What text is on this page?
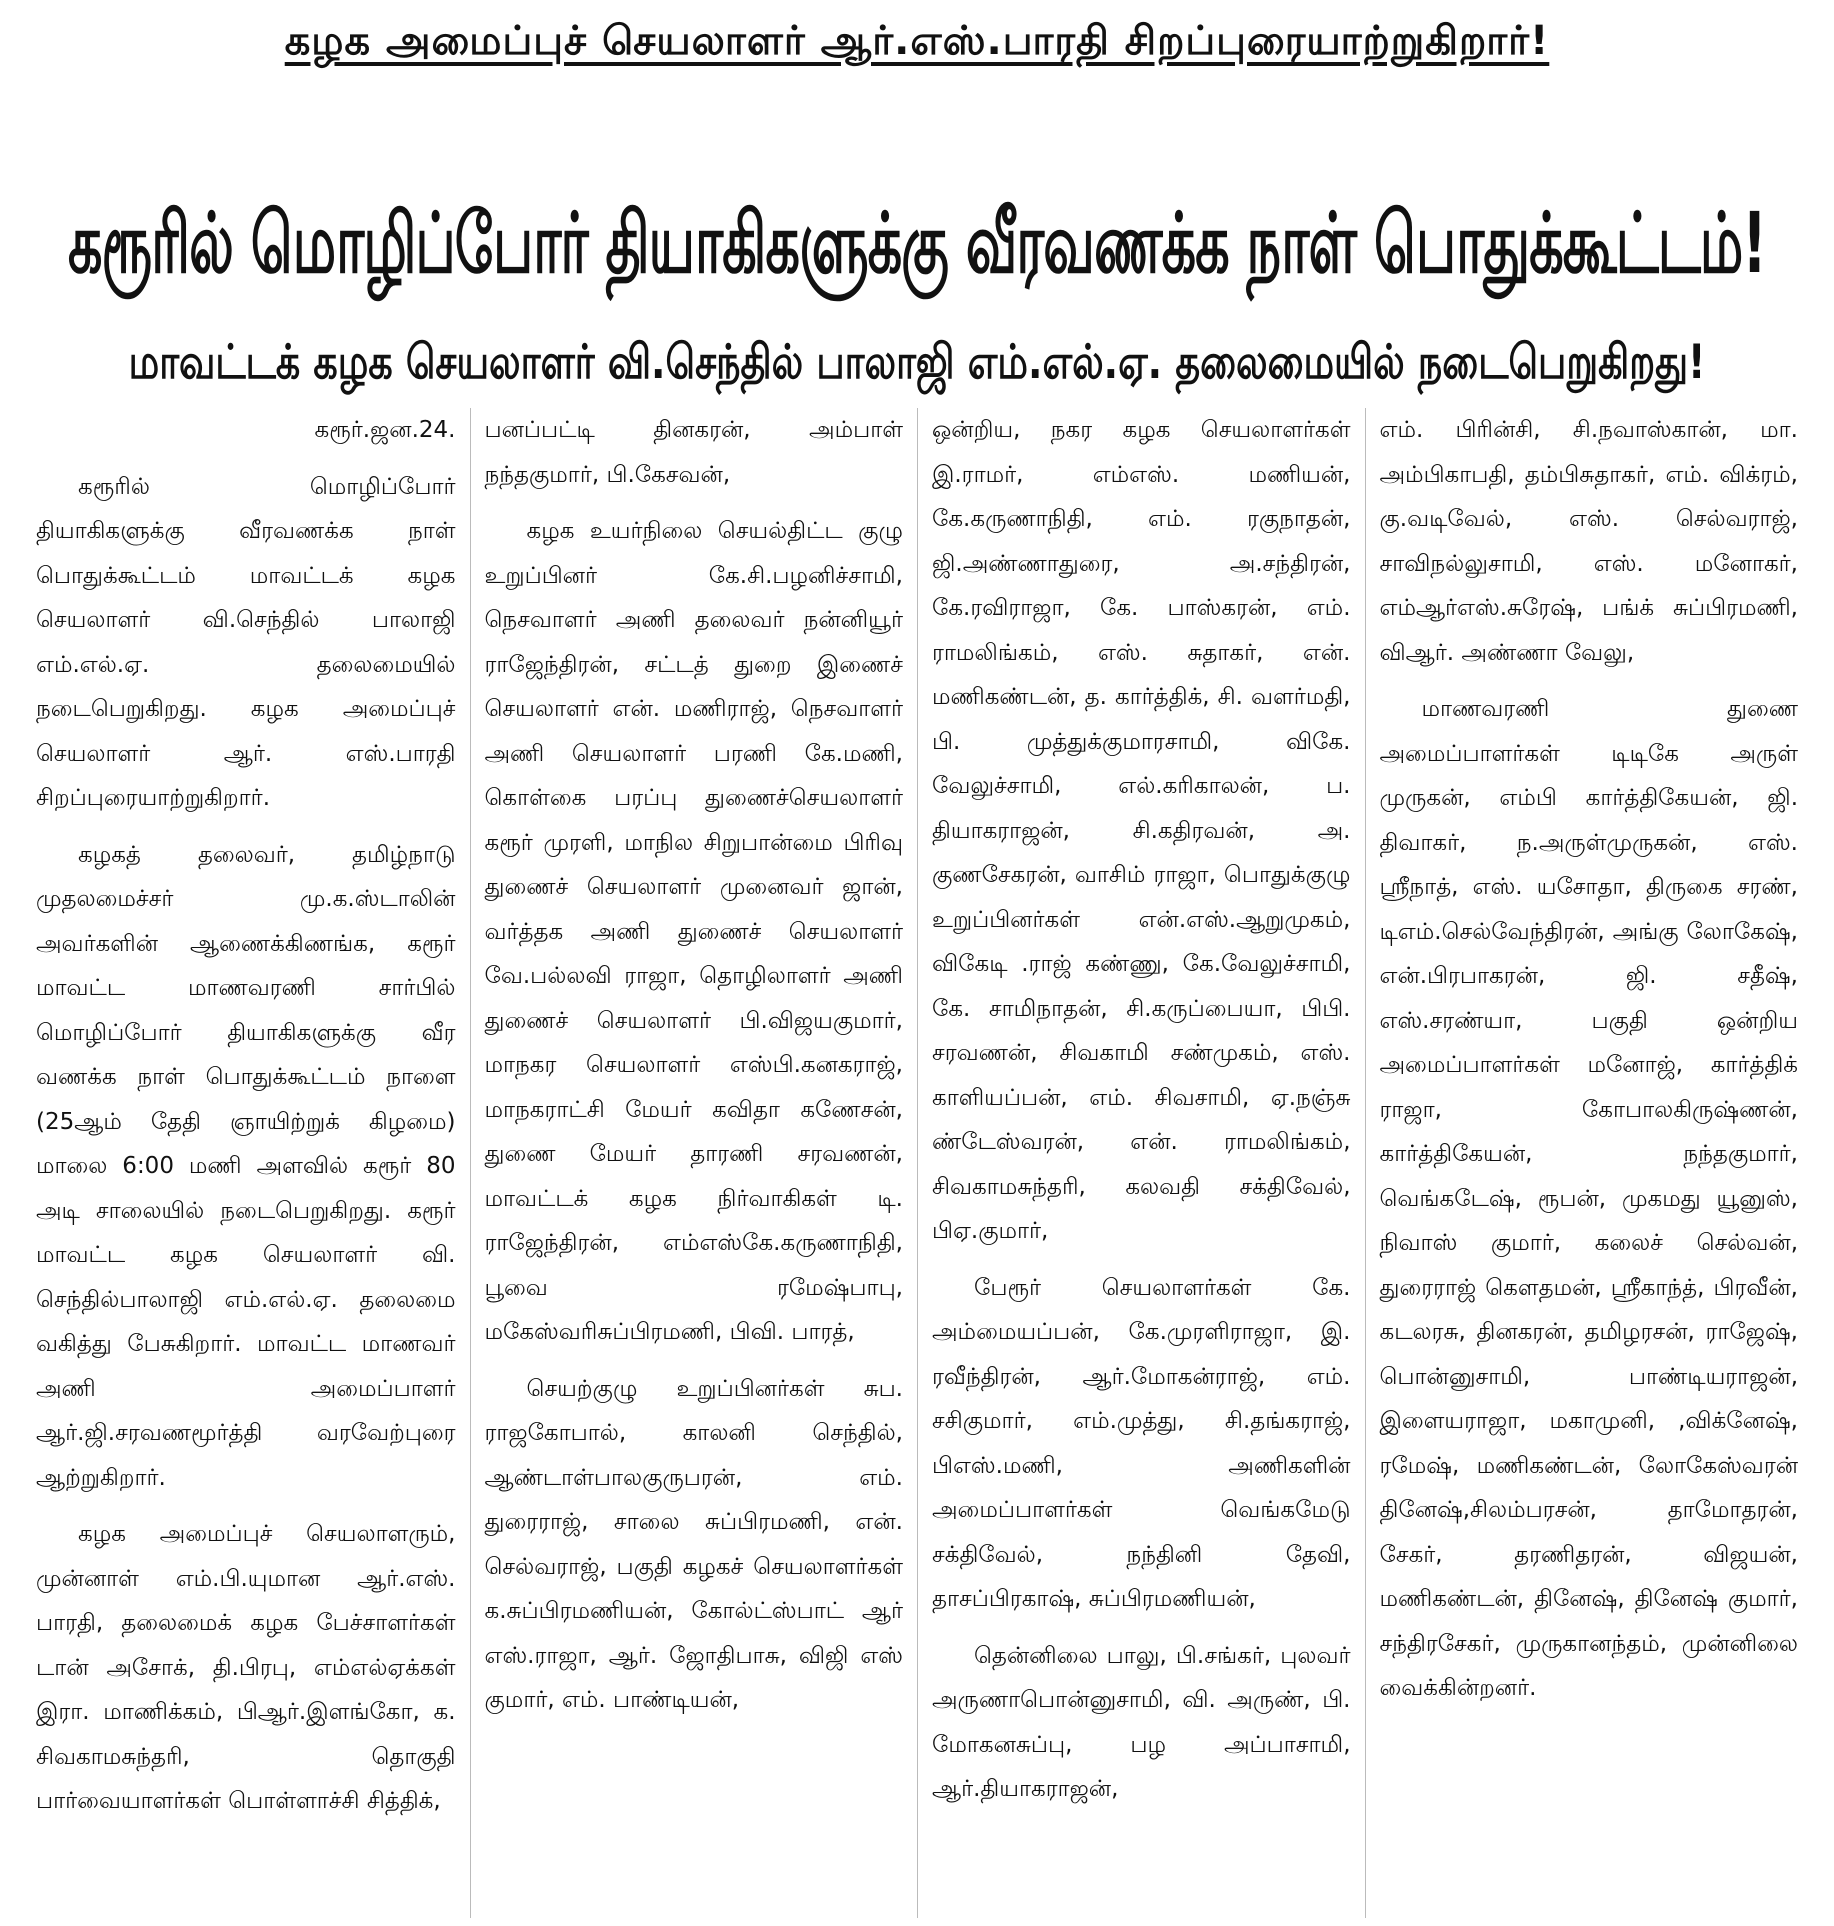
கழக அமைப்புச் செயலாளர் ஆர்.எஸ்.பாரதி சிறப்புரையாற்றுகிறார்!
கரூரில் மொழிப்போர் தியாகிகளுக்கு வீரவணக்க நாள் பொதுக்கூட்டம்!
மாவட்டக் கழக செயலாளர் வி.செந்தில் பாலாஜி எம்.எல்.ஏ. தலைமையில் நடைபெறுகிறது!

கரூர்.ஜன.24.

கரூரில் மொழிப்போர் தியாகிகளுக்கு வீரவணக்க நாள் பொதுக்கூட்டம் மாவட்டக் கழக செயலாளர் வி.செந்தில் பாலாஜி எம்.எல்.ஏ. தலைமையில் நடைபெறுகிறது. கழக அமைப்புச் செயலாளர் ஆர். எஸ்.பாரதி சிறப்புரையாற்றுகிறார்.

கழகத் தலைவர், தமிழ்நாடு முதலமைச்சர் மு.க.ஸ்டாலின் அவர்களின் ஆணைக்கிணங்க, கரூர் மாவட்ட மாணவரணி சார்பில் மொழிப்போர் தியாகிகளுக்கு வீர வணக்க நாள் பொதுக்கூட்டம் நாளை (25ஆம் தேதி ஞாயிற்றுக் கிழமை) மாலை 6:00 மணி அளவில் கரூர் 80 அடி சாலையில் நடைபெறுகிறது. கரூர் மாவட்ட கழக செயலாளர் வி. செந்தில்பாலாஜி எம்.எல்.ஏ. தலைமை வகித்து பேசுகிறார். மாவட்ட மாணவர் அணி அமைப்பாளர் ஆர்.ஜி.சரவணமூர்த்தி வரவேற்புரை ஆற்றுகிறார்.

கழக அமைப்புச் செயலாளரும், முன்னாள் எம்.பி.யுமான ஆர்.எஸ். பாரதி, தலைமைக் கழக பேச்சாளர்கள் டான் அசோக், தி.பிரபு, எம்எல்ஏக்கள் இரா. மாணிக்கம், பிஆர்.இளங்கோ, க. சிவகாமசுந்தரி, தொகுதி பார்வையாளர்கள் பொள்ளாச்சி சித்திக்,

பனப்பட்டி தினகரன், அம்பாள் நந்தகுமார், பி.கேசவன்,

கழக உயர்நிலை செயல்திட்ட குழு உறுப்பினர் கே.சி.பழனிச்சாமி, நெசவாளர் அணி தலைவர் நன்னியூர் ராஜேந்திரன், சட்டத் துறை இணைச் செயலாளர் என். மணிராஜ், நெசவாளர் அணி செயலாளர் பரணி கே.மணி, கொள்கை பரப்பு துணைச்செயலாளர் கரூர் முரளி, மாநில சிறுபான்மை பிரிவு துணைச் செயலாளர் முனைவர் ஜான், வர்த்தக அணி துணைச் செயலாளர் வே.பல்லவி ராஜா, தொழிலாளர் அணி துணைச் செயலாளர் பி.விஜயகுமார், மாநகர செயலாளர் எஸ்பி.கனகராஜ், மாநகராட்சி மேயர் கவிதா கணேசன், துணை மேயர் தாரணி சரவணன், மாவட்டக் கழக நிர்வாகிகள் டி. ராஜேந்திரன், எம்எஸ்கே.கருணாநிதி, பூவை ரமேஷ்பாபு, மகேஸ்வரிசுப்பிரமணி, பிவி. பாரத்,

செயற்குழு உறுப்பினர்கள் சுப. ராஜகோபால், காலனி செந்தில், ஆண்டாள்பாலகுருபரன், எம். துரைராஜ், சாலை சுப்பிரமணி, என். செல்வராஜ், பகுதி கழகச் செயலாளர்கள் க.சுப்பிரமணியன், கோல்ட்ஸ்பாட் ஆர் எஸ்.ராஜா, ஆர். ஜோதிபாசு, விஜி எஸ் குமார், எம். பாண்டியன்,

ஒன்றிய, நகர கழக செயலாளர்கள் இ.ராமர், எம்எஸ். மணியன், கே.கருணாநிதி, எம். ரகுநாதன், ஜி.அண்ணாதுரை, அ.சந்திரன், கே.ரவிராஜா, கே. பாஸ்கரன், எம். ராமலிங்கம், எஸ். சுதாகர், என். மணிகண்டன், த. கார்த்திக், சி. வளர்மதி, பி. முத்துக்குமாரசாமி, விகே. வேலுச்சாமி, எல்.கரிகாலன், ப. தியாகராஜன், சி.கதிரவன், அ. குணசேகரன், வாசிம் ராஜா, பொதுக்குழு உறுப்பினர்கள் என்.எஸ்.ஆறுமுகம், விகேடி .ராஜ் கண்ணு, கே.வேலுச்சாமி, கே. சாமிநாதன், சி.கருப்பையா, பிபி. சரவணன், சிவகாமி சண்முகம், எஸ். காளியப்பன், எம். சிவசாமி, ஏ.நஞ்சு ண்டேஸ்வரன், என். ராமலிங்கம், சிவகாமசுந்தரி, கலவதி சக்திவேல், பிஏ.குமார்,

பேரூர் செயலாளர்கள் கே. அம்மையப்பன், கே.முரளிராஜா, இ. ரவீந்திரன், ஆர்.மோகன்ராஜ், எம். சசிகுமார், எம்.முத்து, சி.தங்கராஜ், பிஎஸ்.மணி, அணிகளின் அமைப்பாளர்கள் வெங்கமேடு சக்திவேல், நந்தினி தேவி, தாசப்பிரகாஷ், சுப்பிரமணியன்,

தென்னிலை பாலு, பி.சங்கர், புலவர் அருணாபொன்னுசாமி, வி. அருண், பி. மோகனசுப்பு, பழ அப்பாசாமி, ஆர்.தியாகராஜன்,

எம். பிரின்சி, சி.நவாஸ்கான், மா. அம்பிகாபதி, தம்பிசுதாகர், எம். விக்ரம், கு.வடிவேல், எஸ். செல்வராஜ், சாவிநல்லுசாமி, எஸ். மனோகர், எம்ஆர்எஸ்.சுரேஷ், பங்க் சுப்பிரமணி, விஆர். அண்ணா வேலு,

மாணவரணி துணை அமைப்பாளர்கள் டிடிகே அருள் முருகன், எம்பி கார்த்திகேயன், ஜி. திவாகர், ந.அருள்முருகன், எஸ். ஸ்ரீநாத், எஸ். யசோதா, திருகை சரண், டிஎம்.செல்வேந்திரன், அங்கு லோகேஷ், என்.பிரபாகரன், ஜி. சதீஷ், எஸ்.சரண்யா, பகுதி ஒன்றிய அமைப்பாளர்கள் மனோஜ், கார்த்திக் ராஜா, கோபாலகிருஷ்ணன், கார்த்திகேயன், நந்தகுமார், வெங்கடேஷ், ரூபன், முகமது யூனுஸ், நிவாஸ் குமார், கலைச் செல்வன், துரைராஜ் கௌதமன், ஸ்ரீகாந்த், பிரவீன், கடலரசு, தினகரன், தமிழரசன், ராஜேஷ், பொன்னுசாமி, பாண்டியராஜன், இளையராஜா, மகாமுனி, ,விக்னேஷ், ரமேஷ், மணிகண்டன், லோகேஸ்வரன் தினேஷ்,சிலம்பரசன், தாமோதரன், சேகர், தரணிதரன், விஜயன், மணிகண்டன், தினேஷ், தினேஷ் குமார், சந்திரசேகர், முருகானந்தம், முன்னிலை வைக்கின்றனர்.
